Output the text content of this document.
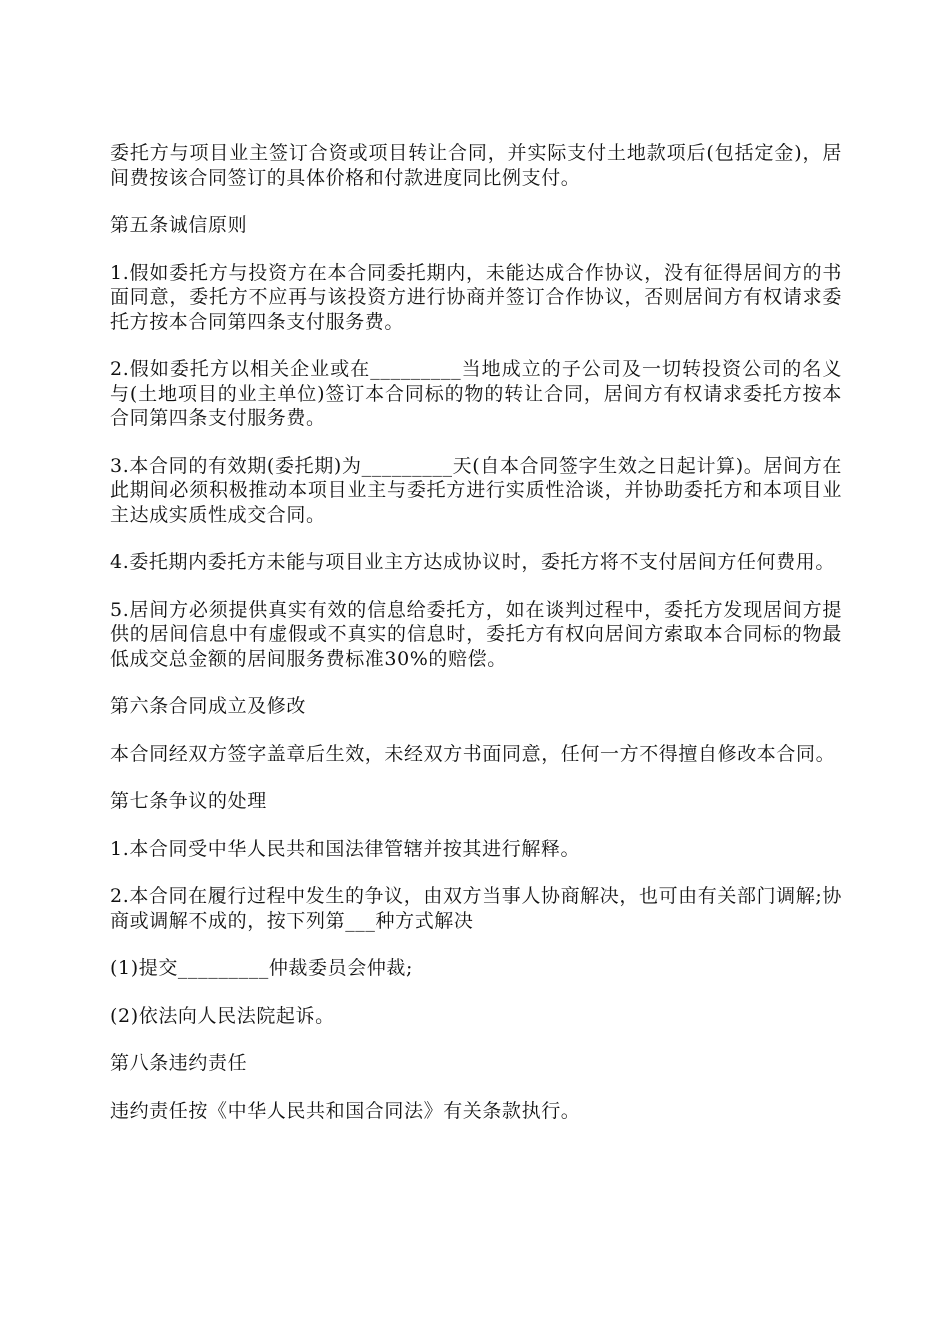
委托方与项目业主签订合资或项目转让合同，并实际支付土地款项后(包括定金)，居间费按该合同签订的具体价格和付款进度同比例支付。

第五条诚信原则

1.假如委托方与投资方在本合同委托期内，未能达成合作协议，没有征得居间方的书面同意，委托方不应再与该投资方进行协商并签订合作协议，否则居间方有权请求委托方按本合同第四条支付服务费。

2.假如委托方以相关企业或在_________当地成立的子公司及一切转投资公司的名义与(土地项目的业主单位)签订本合同标的物的转让合同，居间方有权请求委托方按本合同第四条支付服务费。

3.本合同的有效期(委托期)为_________天(自本合同签字生效之日起计算)。居间方在此期间必须积极推动本项目业主与委托方进行实质性洽谈，并协助委托方和本项目业主达成实质性成交合同。

4.委托期内委托方未能与项目业主方达成协议时，委托方将不支付居间方任何费用。

5.居间方必须提供真实有效的信息给委托方，如在谈判过程中，委托方发现居间方提供的居间信息中有虚假或不真实的信息时，委托方有权向居间方索取本合同标的物最低成交总金额的居间服务费标准30%的赔偿。

第六条合同成立及修改

本合同经双方签字盖章后生效，未经双方书面同意，任何一方不得擅自修改本合同。

第七条争议的处理

1.本合同受中华人民共和国法律管辖并按其进行解释。

2.本合同在履行过程中发生的争议，由双方当事人协商解决，也可由有关部门调解;协商或调解不成的，按下列第___种方式解决

(1)提交_________仲裁委员会仲裁;

(2)依法向人民法院起诉。

第八条违约责任

违约责任按《中华人民共和国合同法》有关条款执行。
